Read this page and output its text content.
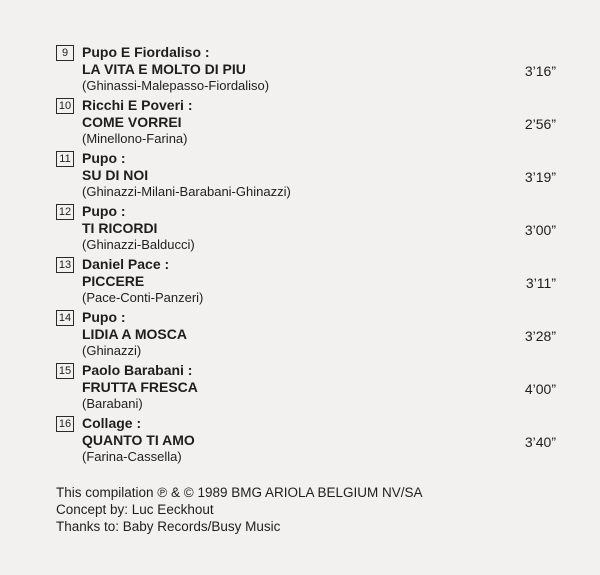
9 Pupo E Fiordaliso :
LA VITA E MOLTO DI PIU	3’16”
(Ghinassi-Malepasso-Fiordaliso)
10 Ricchi E Poveri :
COME VORREI	2’56”
(Minellono-Farina)
11 Pupo :
SU DI NOI	3’19”
(Ghinazzi-Milani-Barabani-Ghinazzi)
12 Pupo :
TI RICORDI	3’00”
(Ghinazzi-Balducci)
13 Daniel Pace :
PICCERE	3’11”
(Pace-Conti-Panzeri)
14 Pupo :
LIDIA A MOSCA	3’28”
(Ghinazzi)
15 Paolo Barabani :
FRUTTA FRESCA	4’00”
(Barabani)
16 Collage :
QUANTO TI AMO	3’40”
(Farina-Cassella)
This compilation ℗ & © 1989 BMG ARIOLA BELGIUM NV/SA
Concept by: Luc Eeckhout
Thanks to: Baby Records/Busy Music
